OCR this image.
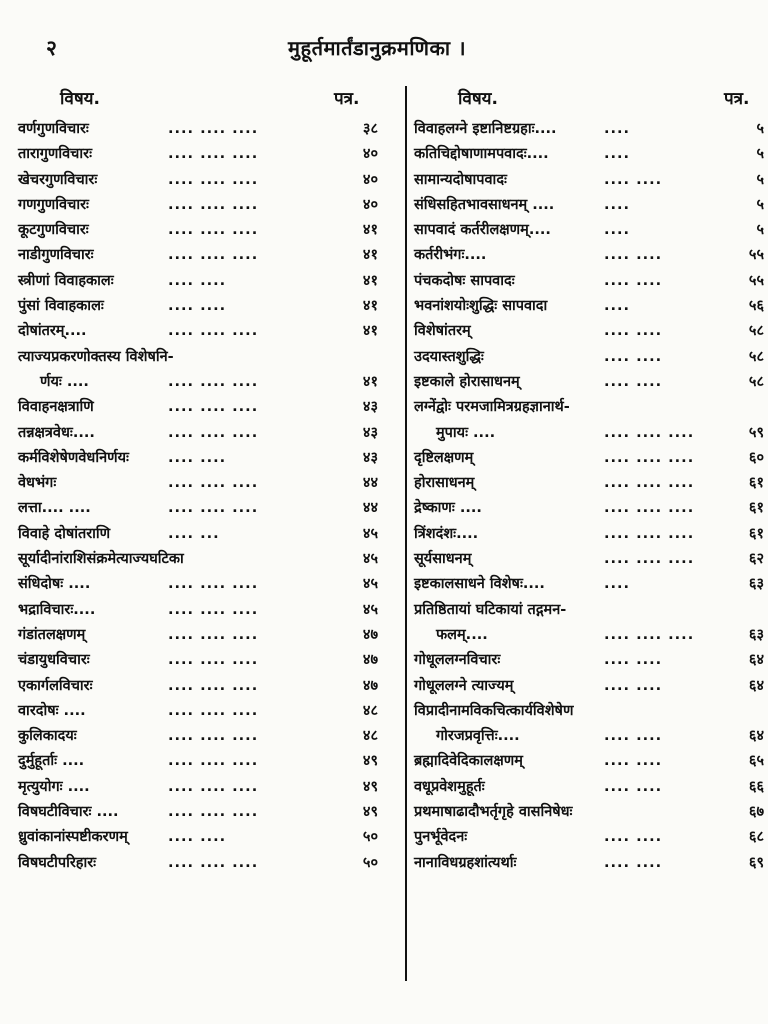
२	मुहूर्तमार्तंडानुक्रमणिका ।
विषय.	पत्र.	विषय.	पत्र.
वर्णगुणविचारः	.... .... ....	३८
तारागुणविचारः	.... .... ....	४०
खेचरगुणविचारः	.... .... ....	४०
गणगुणविचारः	.... .... ....	४०
कूटगुणविचारः	.... .... ....	४१
नाडीगुणविचारः	.... .... ....	४१
स्त्रीणां विवाहकालः	.... ....	४१
पुंसां विवाहकालः	.... ....	४१
दोषांतरम्....	.... .... ....	४१
त्याज्यप्रकरणोक्तस्य विशेषनि-
र्णयः ....	.... .... ....	४१
विवाहनक्षत्राणि	.... .... ....	४३
तन्नक्षत्रवेधः....	.... .... ....	४३
कर्मविशेषेणवेधनिर्णयः	.... ....	४३
वेधभंगः	.... .... ....	४४
लत्ता.... ....	.... .... ....	४४
विवाहे दोषांतराणि	.... ...	४५
सूर्यादीनांराशिसंक्रमेत्याज्यघटिका	४५
संधिदोषः ....	.... .... ....	४५
भद्राविचारः....	.... .... ....	४५
गंडांतलक्षणम्	.... .... ....	४७
चंडायुधविचारः	.... .... ....	४७
एकार्गलविचारः	.... .... ....	४७
वारदोषः ....	.... .... ....	४८
कुलिकादयः	.... .... ....	४८
दुर्मुहूर्ताः ....	.... .... ....	४९
मृत्युयोगः ....	.... .... ....	४९
विषघटीविचारः ....	.... .... ....	४९
ध्रुवांकानांस्पष्टीकरणम्	.... ....	५०
विषघटीपरिहारः	.... .... ....	५०
विवाहलग्ने इष्टानिष्टग्रहाः....	....	५
कतिचिद्दोषाणामपवादः....	....	५
सामान्यदोषापवादः	.... ....	५
संधिसहितभावसाधनम् ....	....	५
सापवादं कर्तरीलक्षणम्....	....	५
कर्तरीभंगः....	.... ....	५५
पंचकदोषः सापवादः	.... ....	५५
भवनांशयोःशुद्धिः सापवादा	....	५६
विशेषांतरम्	.... ....	५८
उदयास्तशुद्धिः	.... ....	५८
इष्टकाले होरासाधनम्	.... ....	५८
लग्नेंद्वोः परमजामित्रग्रहज्ञानार्थ-
मुपायः ....	.... .... ....	५९
दृष्टिलक्षणम्	.... .... ....	६०
होरासाधनम्	.... .... ....	६१
द्रेष्काणः ....	.... .... ....	६१
त्रिंशदंशः....	.... .... ....	६१
सूर्यसाधनम्	.... .... ....	६२
इष्टकालसाधने विशेषः....	....	६३
प्रतिष्ठितायां घटिकायां तद्गमन-
फलम्....	.... .... ....	६३
गोधूललग्नविचारः	.... ....	६४
गोधूललग्ने त्याज्यम्	.... ....	६४
विप्रादीनामविकचित्कार्यविशेषेण
गोरजप्रवृत्तिः....	.... ....	६४
ब्रह्मादिवेदिकालक्षणम्	.... ....	६५
वधूप्रवेशमुहूर्तः	.... ....	६६
प्रथमाषाढादौभर्तृगृहे वासनिषेधः	६७
पुनर्भूवेदनः	.... ....	६८
नानाविधग्रहशांत्यर्थाः	.... ....	६९
